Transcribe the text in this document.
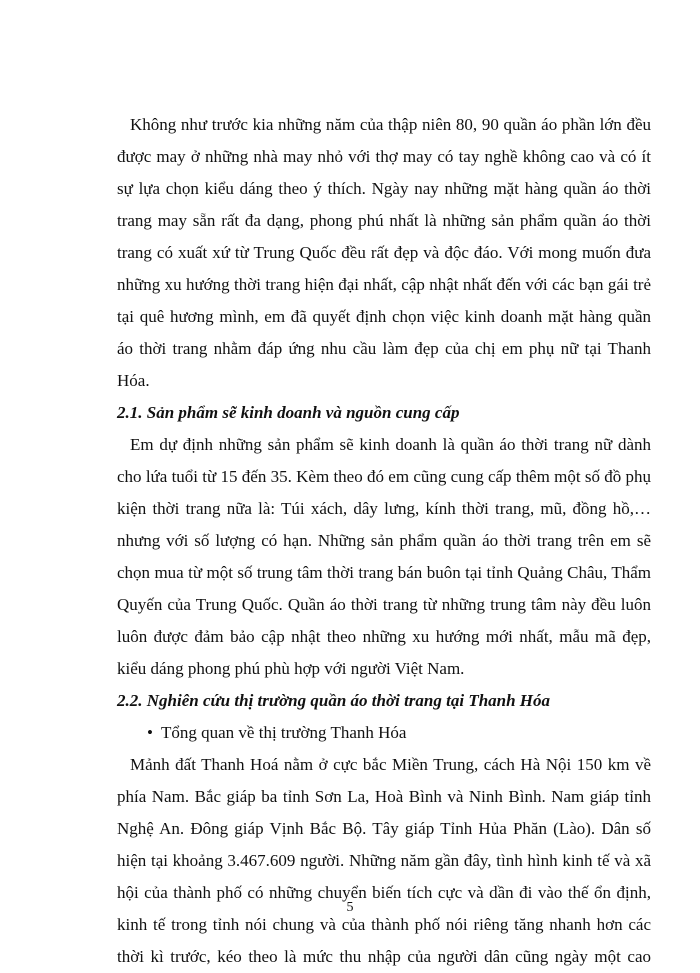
Không như trước kia những năm của thập niên 80, 90 quần áo phần lớn đều
được may ở những nhà may nhỏ với thợ may có tay nghề không cao và có ít
sự lựa chọn kiểu dáng theo ý thích. Ngày nay những mặt hàng quần áo thời
trang may sẵn rất đa dạng, phong phú nhất là những sản phẩm quần áo thời
trang có xuất xứ từ Trung Quốc đều rất đẹp và độc đáo. Với mong muốn đưa
những xu hướng thời trang hiện đại nhất, cập nhật nhất đến với các bạn gái trẻ
tại quê hương mình, em đã quyết định chọn việc kinh doanh mặt hàng quần
áo thời trang nhằm đáp ứng nhu cầu làm đẹp của chị em phụ nữ tại Thanh
Hóa.
2.1. Sản phẩm sẽ kinh doanh và nguồn cung cấp
Em dự định những sản phẩm sẽ kinh doanh là quần áo thời trang nữ dành
cho lứa tuổi từ 15 đến 35. Kèm theo đó em cũng cung cấp thêm một số đồ phụ
kiện thời trang nữa là: Túi xách, dây lưng, kính thời trang, mũ, đồng hồ,…
nhưng với số lượng có hạn. Những sản phẩm quần áo thời trang trên em sẽ
chọn mua từ một số trung tâm thời trang bán buôn tại tỉnh Quảng Châu, Thẩm
Quyến của Trung Quốc. Quần áo thời trang từ những trung tâm này đều luôn
luôn được đảm bảo cập nhật theo những xu hướng mới nhất, mẫu mã đẹp,
kiểu dáng phong phú phù hợp với người Việt Nam.
2.2. Nghiên cứu thị trường quần áo thời trang tại Thanh Hóa
• Tổng quan về thị trường Thanh Hóa
Mảnh đất Thanh Hoá nằm ở cực bắc Miền Trung, cách Hà Nội 150 km về
phía Nam. Bắc giáp ba tỉnh Sơn La, Hoà Bình và Ninh Bình. Nam giáp tỉnh
Nghệ An. Đông giáp Vịnh Bắc Bộ. Tây giáp Tỉnh Hủa Phăn (Lào). Dân số
hiện tại khoảng 3.467.609 người. Những năm gần đây, tình hình kinh tế và xã
hội của thành phố có những chuyển biến tích cực và dần đi vào thế ổn định,
kinh tế trong tỉnh nói chung và của thành phố nói riêng tăng nhanh hơn các
thời kì trước, kéo theo là mức thu nhập của người dân cũng ngày một cao
5
